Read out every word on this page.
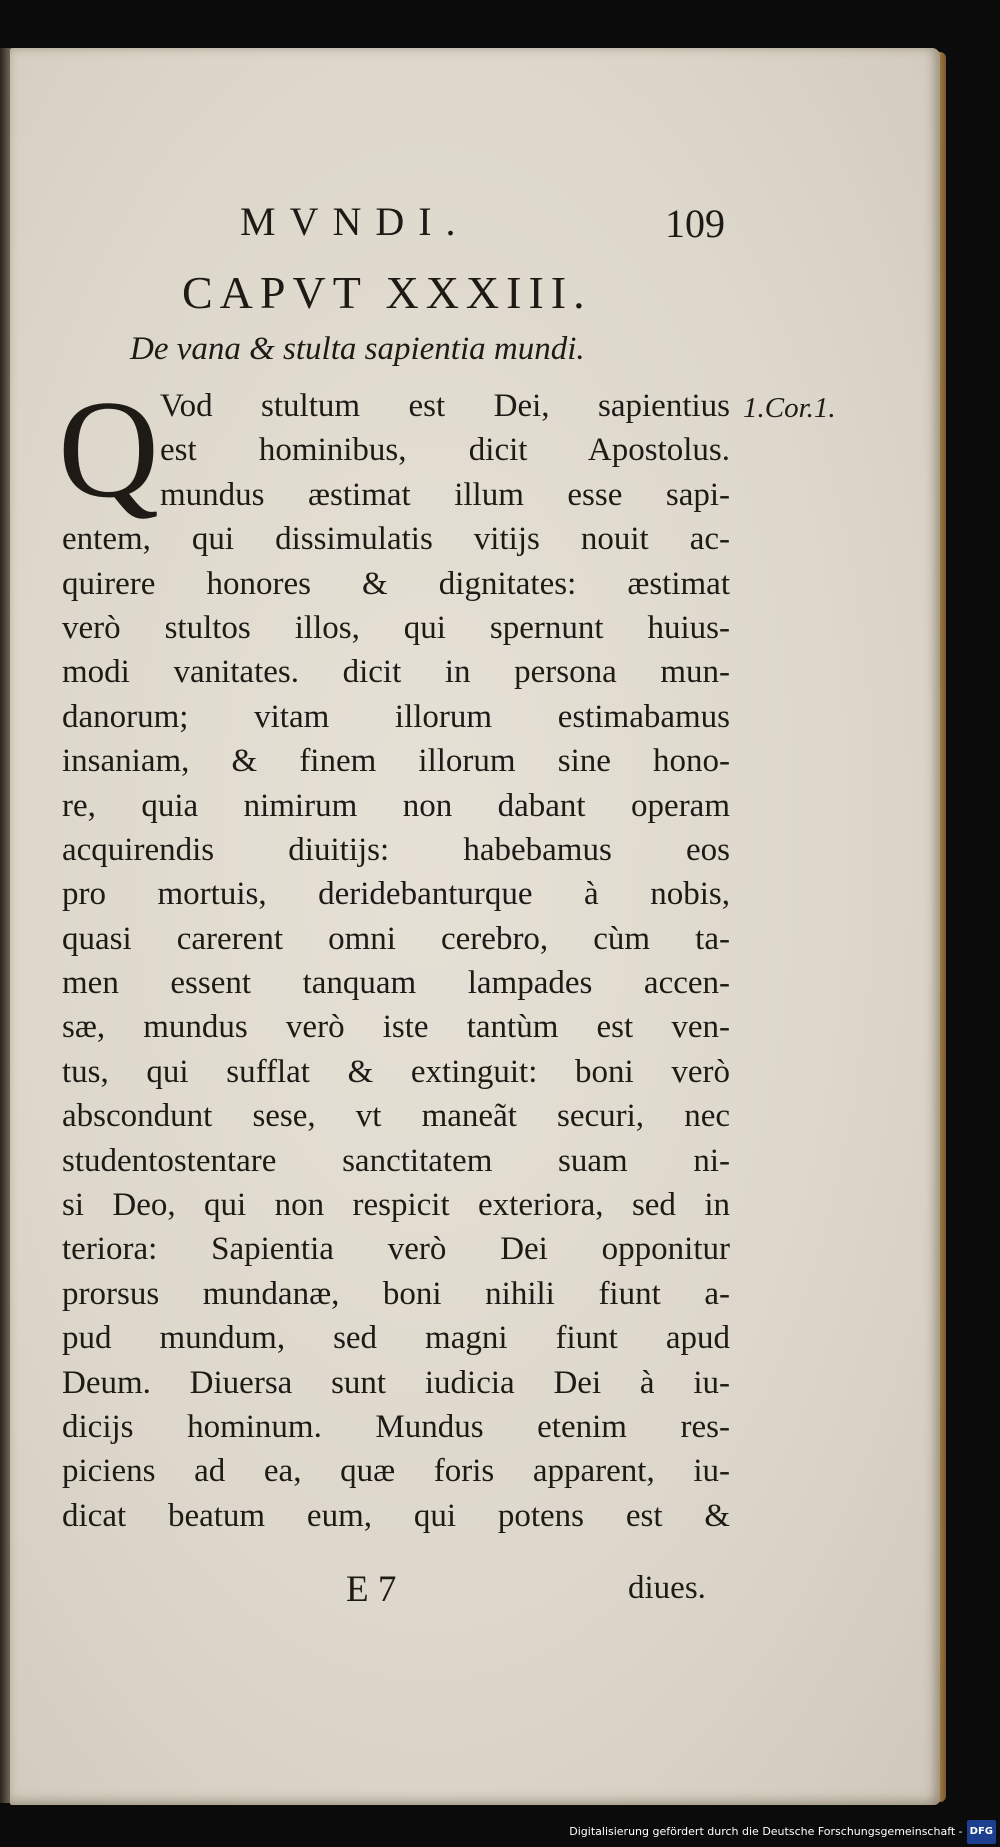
MVNDI.	109
CAPVT XXXIII.
De vana & stulta sapientia mundi.
Q Vod stultum est Dei, sapientius
est hominibus, dicit Apostolus.
mundus æstimat illum esse sapi-
entem, qui dissimulatis vitijs nouit ac-
quirere honores & dignitates: æstimat
verò stultos illos, qui spernunt huius-
modi vanitates. dicit in persona mun-
danorum; vitam illorum estimabamus
insaniam, & finem illorum sine hono-
re, quia nimirum non dabant operam
acquirendis diuitijs: habebamus eos
pro mortuis, deridebanturque à nobis,
quasi carerent omni cerebro, cùm ta-
men essent tanquam lampades accen-
sæ, mundus verò iste tantùm est ven-
tus, qui sufflat & extinguit: boni verò
abscondunt sese, vt maneãt securi, nec
studentostentare sanctitatem suam ni-
si Deo, qui non respicit exteriora, sed in
teriora: Sapientia verò Dei opponitur
prorsus mundanæ, boni nihili fiunt a-
pud mundum, sed magni fiunt apud
Deum. Diuersa sunt iudicia Dei à iu-
dicijs hominum. Mundus etenim res-
piciens ad ea, quæ foris apparent, iu-
dicat beatum eum, qui potens est &
1.Cor.1.
E 7	diues.
Digitalisierung gefördert durch die Deutsche Forschungsgemeinschaft - DFG
